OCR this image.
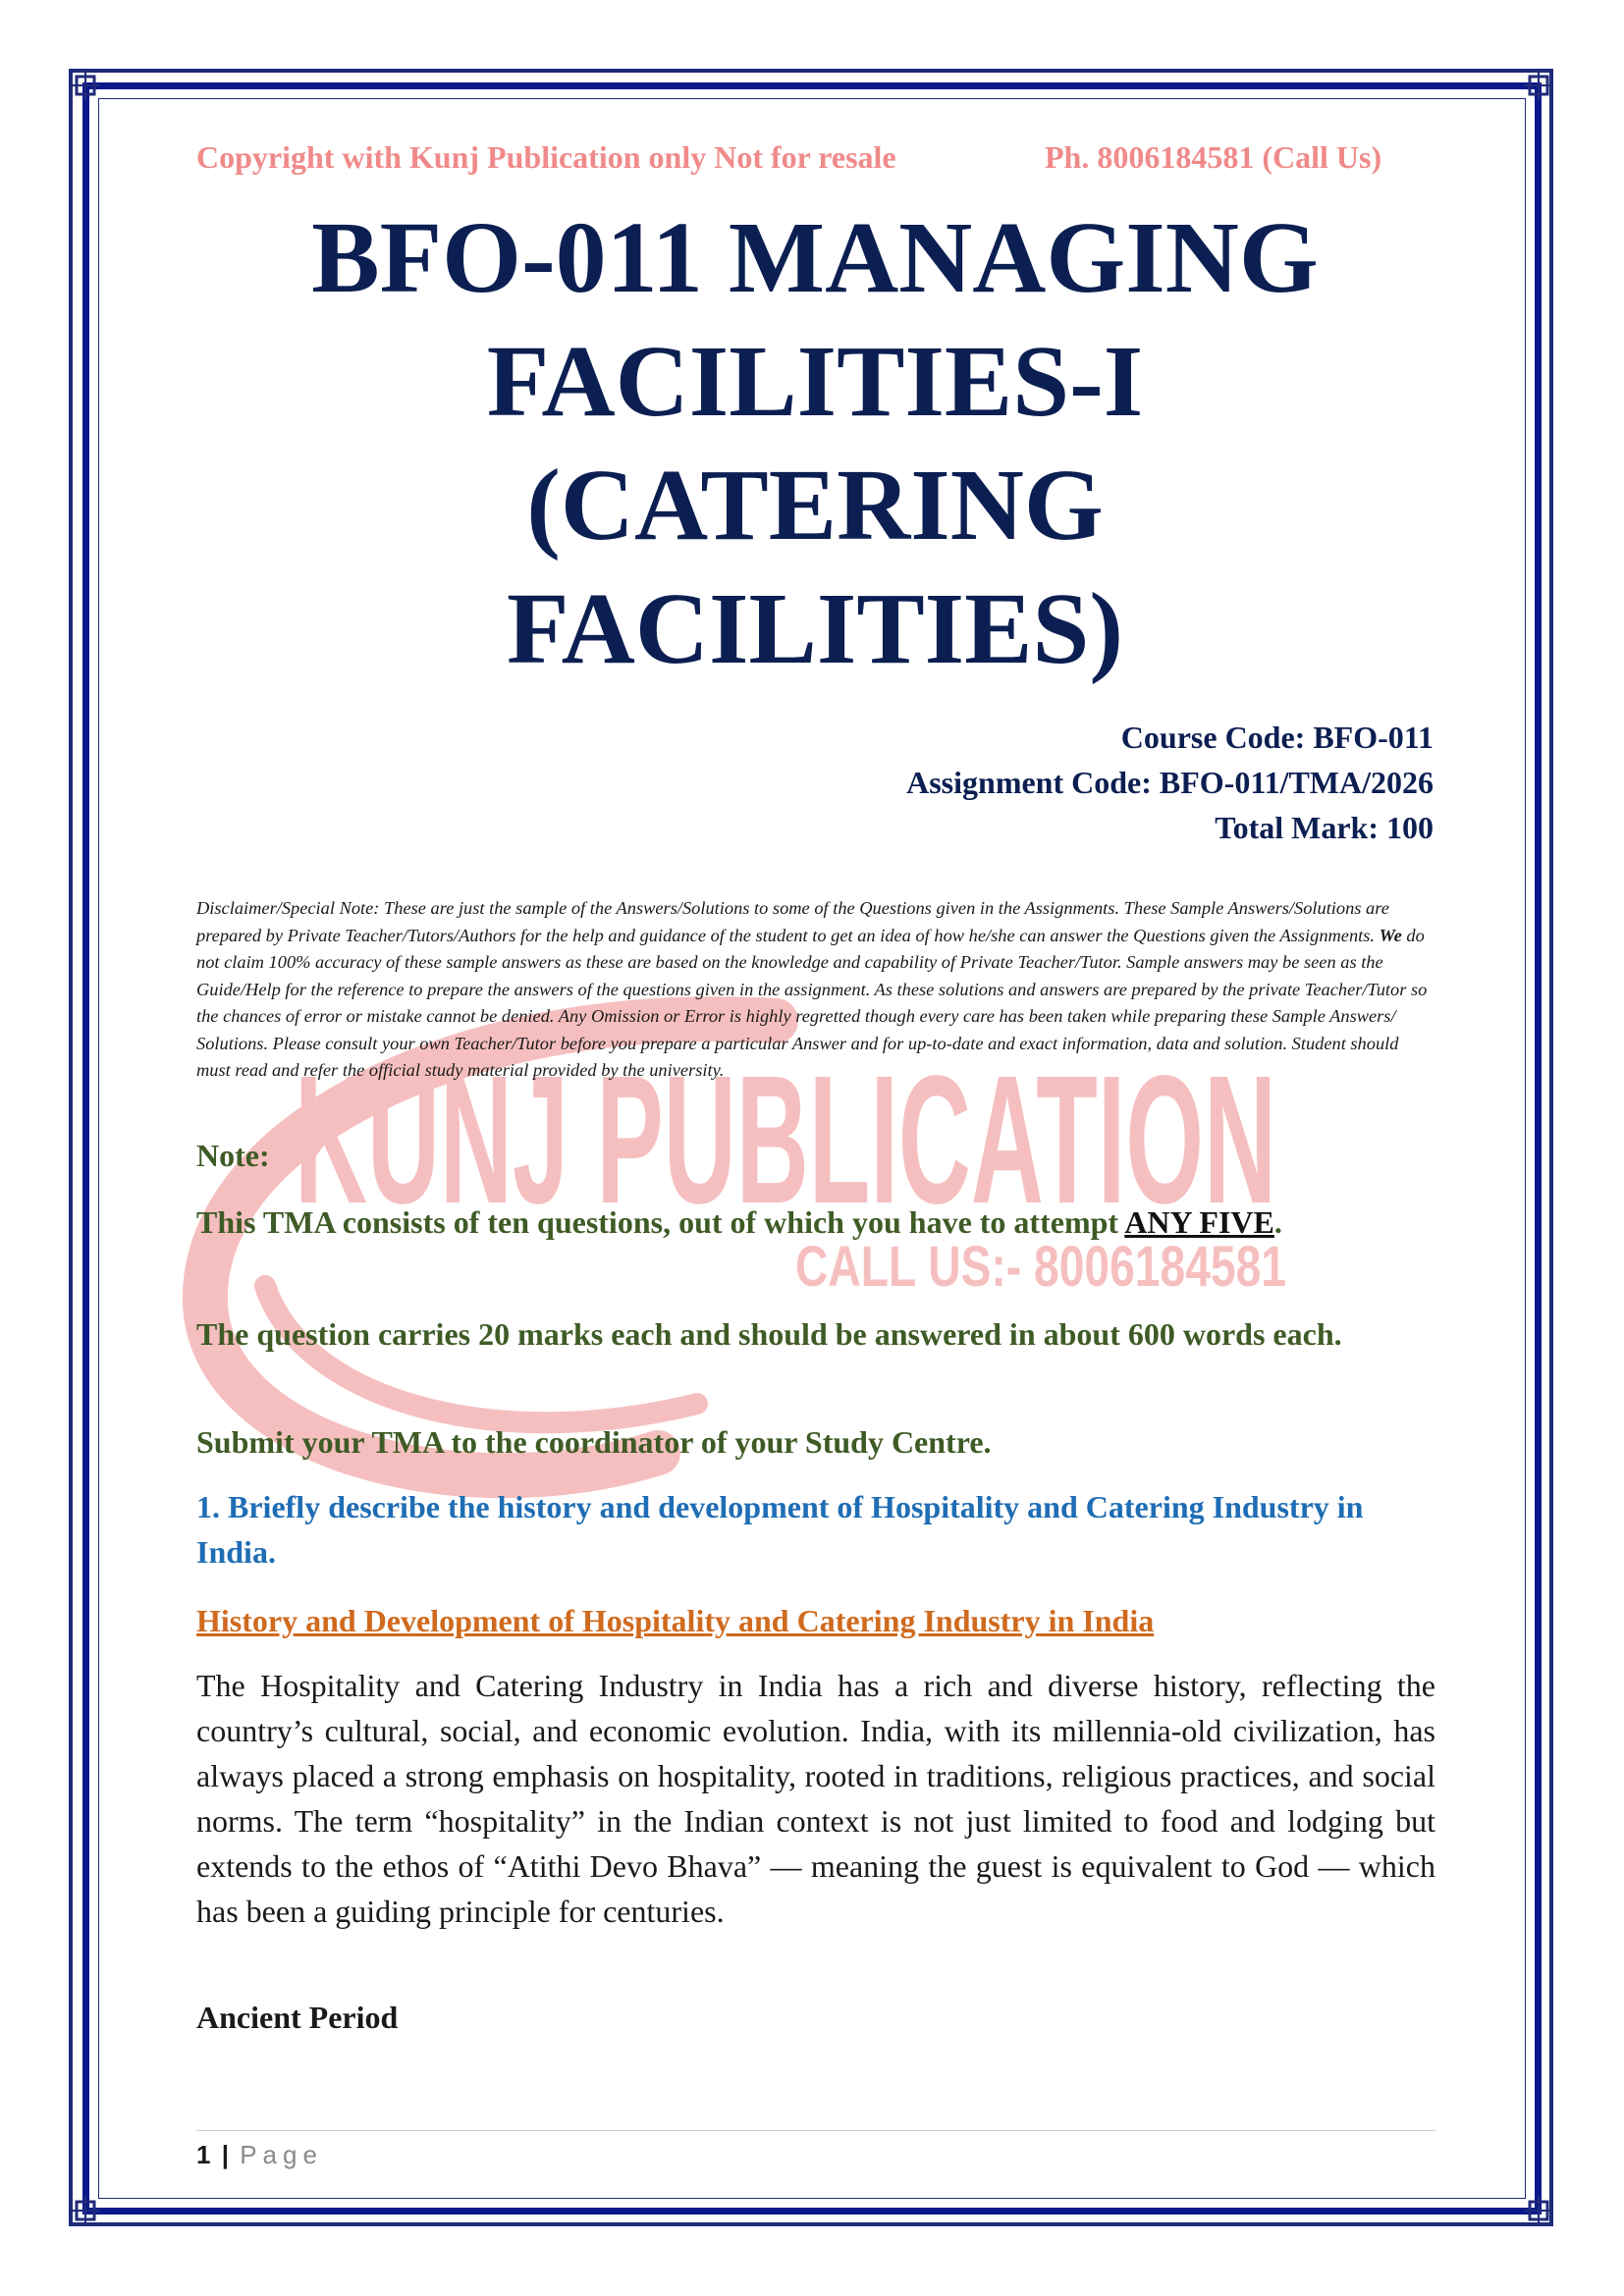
KUNJ PUBLICATION
CALL US:- 8006184581
Copyright with Kunj Publication only Not for resale	Ph. 8006184581 (Call Us)
BFO-011 MANAGING
FACILITIES-I (CATERING
FACILITIES)
Course Code: BFO-011
Assignment Code: BFO-011/TMA/2026
Total Mark: 100

Disclaimer/Special Note: These are just the sample of the Answers/Solutions to some of the Questions given in the Assignments. These Sample Answers/Solutions are prepared by Private Teacher/Tutors/Authors for the help and guidance of the student to get an idea of how he/she can answer the Questions given the Assignments. We do not claim 100% accuracy of these sample answers as these are based on the knowledge and capability of Private Teacher/Tutor. Sample answers may be seen as the Guide/Help for the reference to prepare the answers of the questions given in the assignment. As these solutions and answers are prepared by the private Teacher/Tutor so the chances of error or mistake cannot be denied. Any Omission or Error is highly regretted though every care has been taken while preparing these Sample Answers/ Solutions. Please consult your own Teacher/Tutor before you prepare a particular Answer and for up-to-date and exact information, data and solution. Student should must read and refer the official study material provided by the university.

Note:

This TMA consists of ten questions, out of which you have to attempt ANY FIVE.

The question carries 20 marks each and should be answered in about 600 words each.

Submit your TMA to the coordinator of your Study Centre.

1. Briefly describe the history and development of Hospitality and Catering Industry in India.

History and Development of Hospitality and Catering Industry in India

The Hospitality and Catering Industry in India has a rich and diverse history, reflecting the country’s cultural, social, and economic evolution. India, with its millennia-old civilization, has always placed a strong emphasis on hospitality, rooted in traditions, religious practices, and social norms. The term “hospitality” in the Indian context is not just limited to food and lodging but extends to the ethos of “Atithi Devo Bhava” — meaning the guest is equivalent to God — which has been a guiding principle for centuries.

Ancient Period

1 | Page
